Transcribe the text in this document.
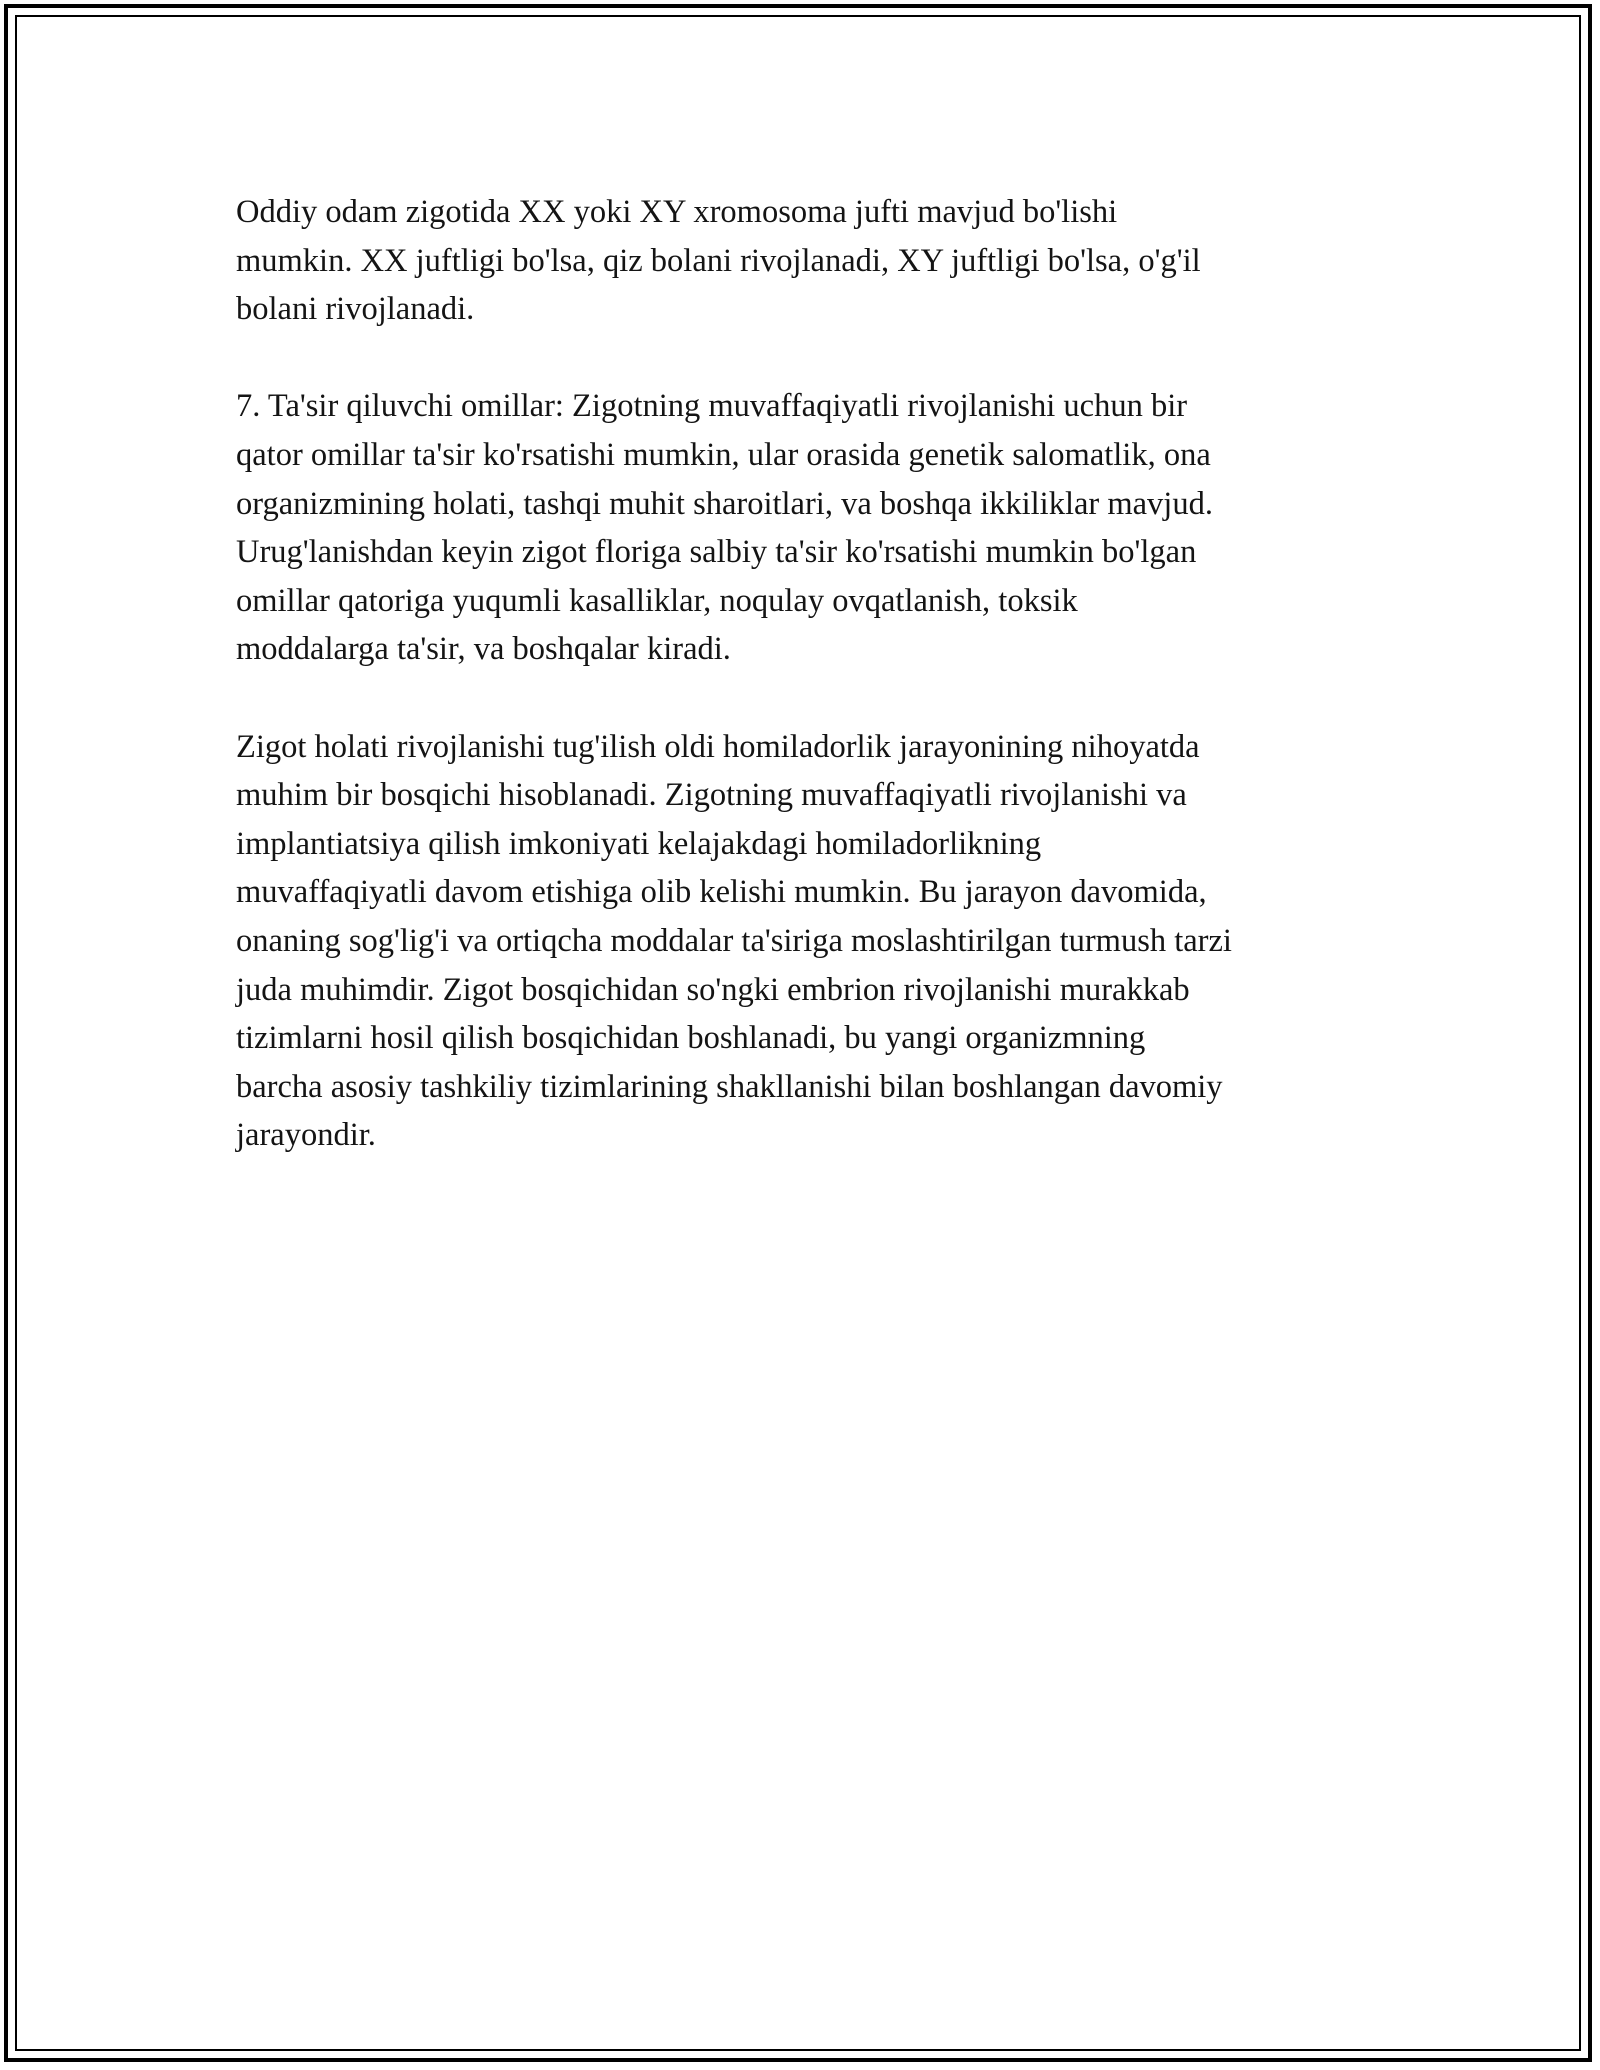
Oddiy odam zigotida XX yoki XY xromosoma jufti mavjud bo'lishi
mumkin. XX juftligi bo'lsa, qiz bolani rivojlanadi, XY juftligi bo'lsa, o'g'il
bolani rivojlanadi.

7. Ta'sir qiluvchi omillar: Zigotning muvaffaqiyatli rivojlanishi uchun bir
qator omillar ta'sir ko'rsatishi mumkin, ular orasida genetik salomatlik, ona
organizmining holati, tashqi muhit sharoitlari, va boshqa ikkiliklar mavjud.
Urug'lanishdan keyin zigot floriga salbiy ta'sir ko'rsatishi mumkin bo'lgan
omillar qatoriga yuqumli kasalliklar, noqulay ovqatlanish, toksik
moddalarga ta'sir, va boshqalar kiradi.

Zigot holati rivojlanishi tug'ilish oldi homiladorlik jarayonining nihoyatda
muhim bir bosqichi hisoblanadi. Zigotning muvaffaqiyatli rivojlanishi va
implantiatsiya qilish imkoniyati kelajakdagi homiladorlikning
muvaffaqiyatli davom etishiga olib kelishi mumkin. Bu jarayon davomida,
onaning sog'lig'i va ortiqcha moddalar ta'siriga moslashtirilgan turmush tarzi
juda muhimdir. Zigot bosqichidan so'ngki embrion rivojlanishi murakkab
tizimlarni hosil qilish bosqichidan boshlanadi, bu yangi organizmning
barcha asosiy tashkiliy tizimlarining shakllanishi bilan boshlangan davomiy
jarayondir.
